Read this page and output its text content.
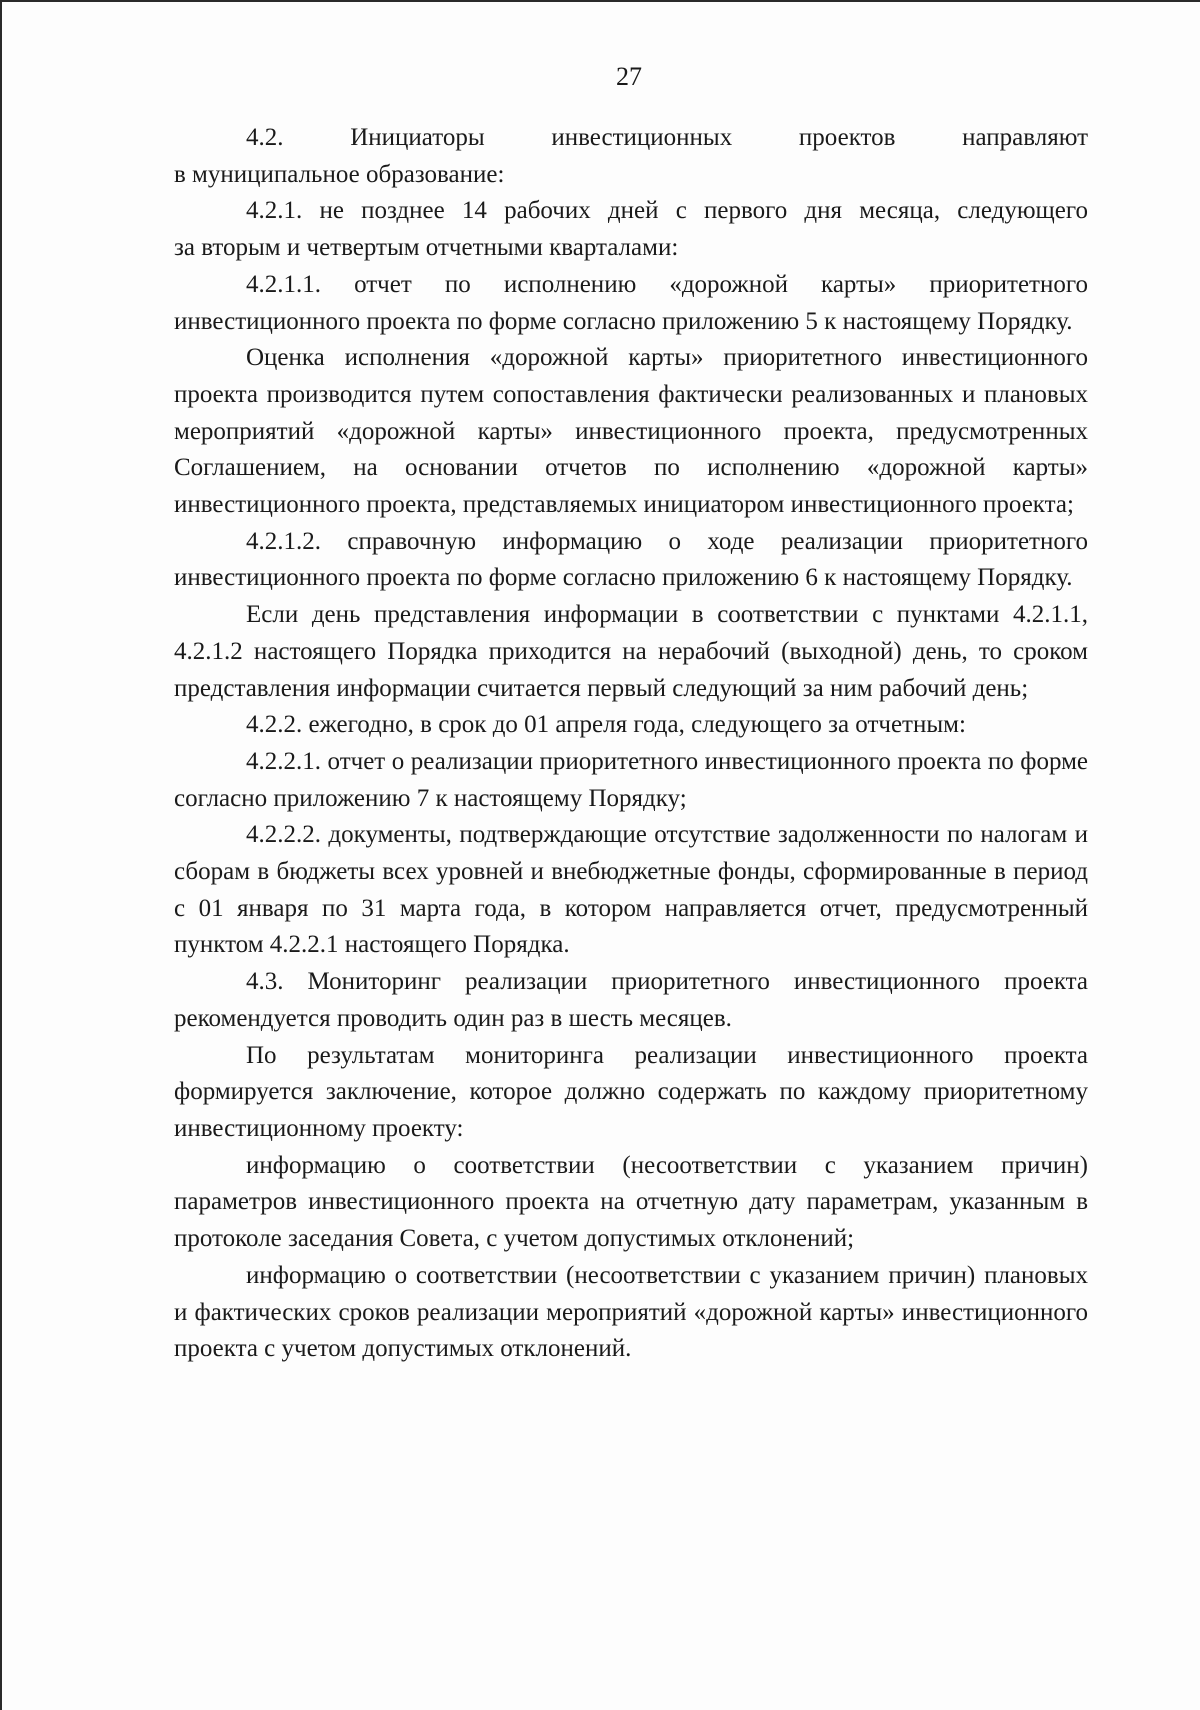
27

4.2. Инициаторы инвестиционных проектов направляют

в муниципальное образование:

4.2.1. не позднее 14 рабочих дней с первого дня месяца, следующего

за вторым и четвертым отчетными кварталами:

4.2.1.1. отчет по исполнению «дорожной карты» приоритетного инвестиционного проекта по форме согласно приложению 5 к настоящему Порядку.

Оценка исполнения «дорожной карты» приоритетного инвестиционного проекта производится путем сопоставления фактически реализованных и плановых мероприятий «дорожной карты» инвестиционного проекта, предусмотренных Соглашением, на основании отчетов по исполнению «дорожной карты» инвестиционного проекта, представляемых инициатором инвестиционного проекта;

4.2.1.2. справочную информацию о ходе реализации приоритетного инвестиционного проекта по форме согласно приложению 6 к настоящему Порядку.

Если день представления информации в соответствии с пунктами 4.2.1.1, 4.2.1.2 настоящего Порядка приходится на нерабочий (выходной) день, то сроком представления информации считается первый следующий за ним рабочий день;

4.2.2. ежегодно, в срок до 01 апреля года, следующего за отчетным:

4.2.2.1. отчет о реализации приоритетного инвестиционного проекта по форме согласно приложению 7 к настоящему Порядку;

4.2.2.2. документы, подтверждающие отсутствие задолженности по налогам и сборам в бюджеты всех уровней и внебюджетные фонды, сформированные в период с 01 января по 31 марта года, в котором направляется отчет, предусмотренный пунктом 4.2.2.1 настоящего Порядка.

4.3. Мониторинг реализации приоритетного инвестиционного проекта рекомендуется проводить один раз в шесть месяцев.

По результатам мониторинга реализации инвестиционного проекта формируется заключение, которое должно содержать по каждому приоритетному инвестиционному проекту:

информацию о соответствии (несоответствии с указанием причин) параметров инвестиционного проекта на отчетную дату параметрам, указанным в протоколе заседания Совета, с учетом допустимых отклонений;

информацию о соответствии (несоответствии с указанием причин) плановых и фактических сроков реализации мероприятий «дорожной карты» инвестиционного проекта с учетом допустимых отклонений.
